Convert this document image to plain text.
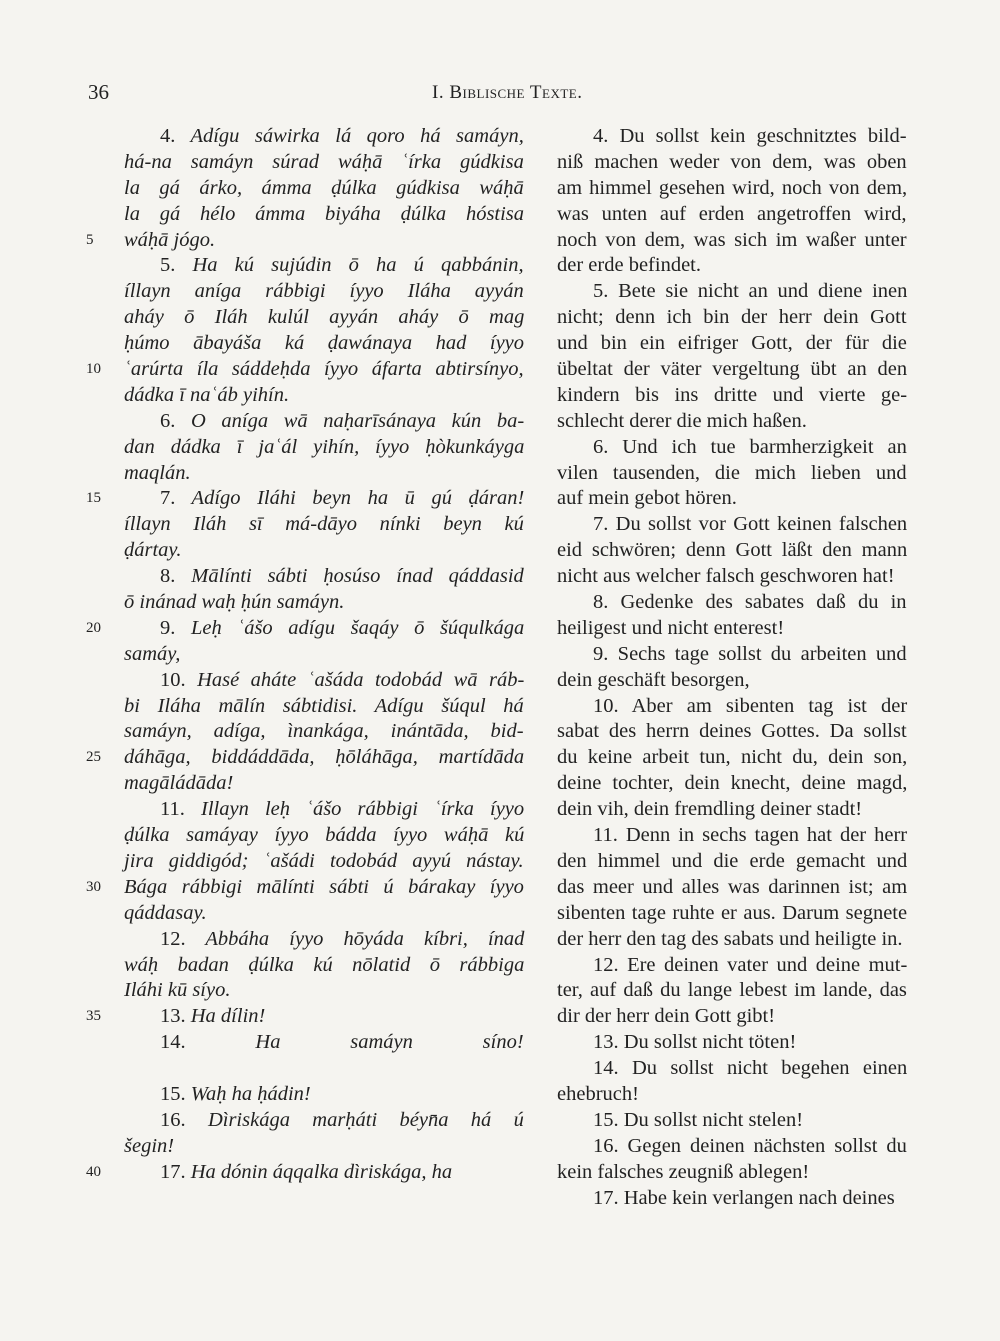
36	I. Biblische Texte.
4. Adígu sáwirka lá qoro há samáyn,
há-na samáyn súrad wáḥā ʿírka gúdkisa
la gá árko, ámma ḍúlka gúdkisa wáḥā
la gá hélo ámma biyáha ḍúlka hóstisa
5	wáḥā jógo.
5. Ha kú sujúdin ō ha ú qabbánin,
íllayn aníga rábbigi íyyo Iláha ayyán
aháy ō Iláh kulúl ayyán aháy ō mag
ḥúmo ābayáša ká ḍawánaya had íyyo
10	ʿarúrta íla sáddeḥda íyyo áfarta abtirsínyo,
dádka ī naʿáb yihín.
6. O aníga wā naḥarīsánaya kún ba-
dan dádka ī jaʿál yihín, íyyo ḥòkunkáyga
maqlán.
15	7. Adígo Iláhi beyn ha ū gú ḍáran!
íllayn Iláh sī má-dāyo nínki beyn kú
ḍártay.
8. Mālínti sábti ḥosúso ínad qáddasid
ō inánad waḥ ḥún samáyn.
20	9. Leḥ ʿášo adígu šaqáy ō šúqulkága
samáy,
10. Hasé aháte ʿašáda todobád wā ráb-
bi Iláha mālín sábtidisi. Adígu šúqul há
samáyn, adíga, ìnankága, inántāda, bid-
25	dáhāga, biddáddāda, ḥōláhāga, martídāda
magāládāda!
11. Illayn leḥ ʿášo rábbigi ʿírka íyyo
ḍúlka samáyay íyyo bádda íyyo wáḥā kú
jira giddigód; ʿašádi todobád ayyú nástay.
30	Bága rábbigi mālínti sábti ú bárakay íyyo
qáddasay.
12. Abbáha íyyo hōyáda kíbri, ínad
wáḥ badan ḍúlka kú nōlatid ō rábbiga
Iláhi kū síyo.
35	13. Ha dílin!
14. Ha samáyn síno!
15. Waḥ ha ḥádin!
16. Dìriskága marḥáti béyn̄a há ú
šegin!
40	17. Ha dónin áqqalka dìriskága, ha
4. Du sollst kein geschnitztes bild-
niß machen weder von dem, was oben
am himmel gesehen wird, noch von dem,
was unten auf erden angetroffen wird,
noch von dem, was sich im waßer unter
der erde befindet.
5. Bete sie nicht an und diene inen
nicht; denn ich bin der herr dein Gott
und bin ein eifriger Gott, der für die
übeltat der väter vergeltung übt an den
kindern bis ins dritte und vierte ge-
schlecht derer die mich haßen.
6. Und ich tue barmherzigkeit an
vilen tausenden, die mich lieben und
auf mein gebot hören.
7. Du sollst vor Gott keinen falschen
eid schwören; denn Gott läßt den mann
nicht aus welcher falsch geschworen hat!
8. Gedenke des sabates daß du in
heiligest und nicht enterest!
9. Sechs tage sollst du arbeiten und
dein geschäft besorgen,
10. Aber am sibenten tag ist der
sabat des herrn deines Gottes. Da sollst
du keine arbeit tun, nicht du, dein son,
deine tochter, dein knecht, deine magd,
dein vih, dein fremdling deiner stadt!
11. Denn in sechs tagen hat der herr
den himmel und die erde gemacht und
das meer und alles was darinnen ist; am
sibenten tage ruhte er aus. Darum segnete
der herr den tag des sabats und heiligte in.
12. Ere deinen vater und deine mut-
ter, auf daß du lange lebest im lande, das
dir der herr dein Gott gibt!
13. Du sollst nicht töten!
14. Du sollst nicht begehen einen
ehebruch!
15. Du sollst nicht stelen!
16. Gegen deinen nächsten sollst du
kein falsches zeugniß ablegen!
17. Habe kein verlangen nach deines
